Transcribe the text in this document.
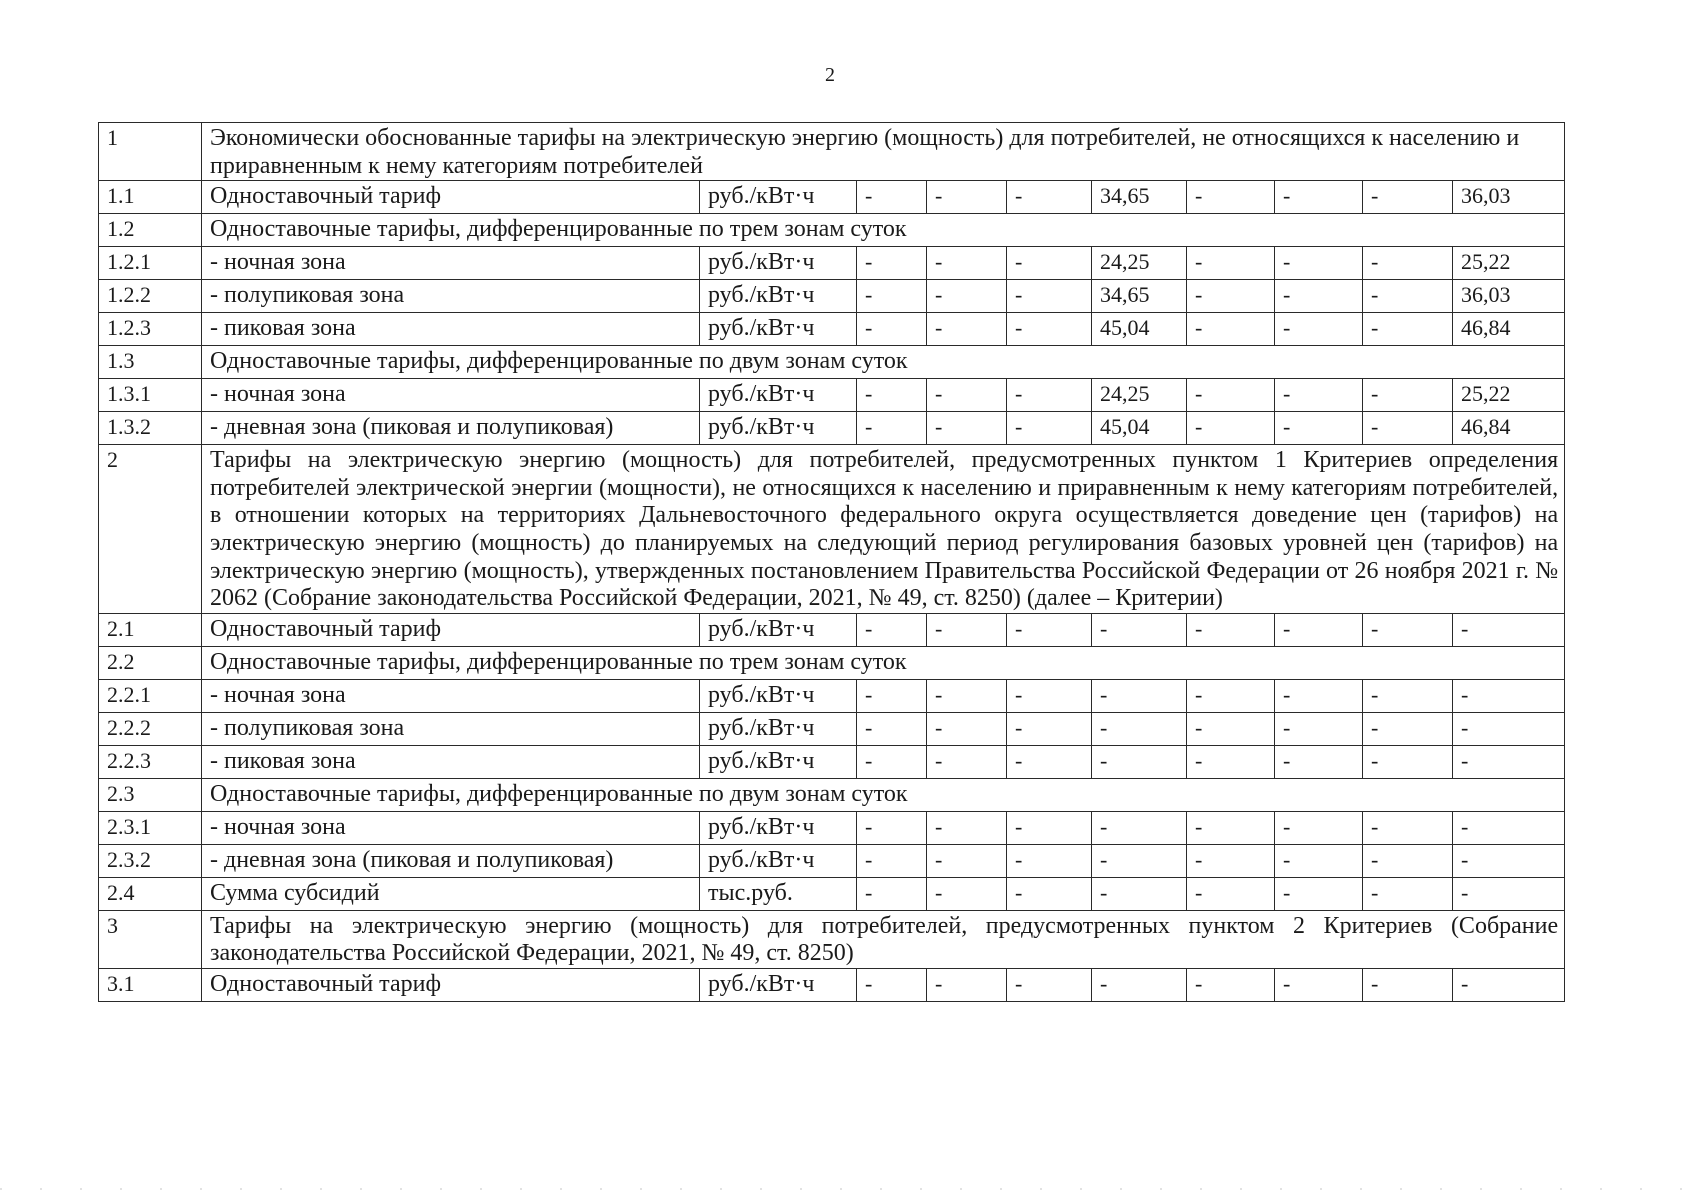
2
1	Экономически обоснованные тарифы на электрическую энергию (мощность) для потребителей, не относящихся к населению и приравненным к нему категориям потребителей									
1.1	Одноставочный тариф	руб./кВт·ч	-	-	-	34,65	-	-	-	36,03
1.2	Одноставочные тарифы, дифференцированные по трем зонам суток									
1.2.1	- ночная зона	руб./кВт·ч	-	-	-	24,25	-	-	-	25,22
1.2.2	- полупиковая зона	руб./кВт·ч	-	-	-	34,65	-	-	-	36,03
1.2.3	- пиковая зона	руб./кВт·ч	-	-	-	45,04	-	-	-	46,84
1.3	Одноставочные тарифы, дифференцированные по двум зонам суток									
1.3.1	- ночная зона	руб./кВт·ч	-	-	-	24,25	-	-	-	25,22
1.3.2	- дневная зона (пиковая и полупиковая)	руб./кВт·ч	-	-	-	45,04	-	-	-	46,84
2	Тарифы на электрическую энергию (мощность) для потребителей, предусмотренных пунктом 1 Критериев определения потребителей электрической энергии (мощности), не относящихся к населению и приравненным к нему категориям потребителей, в отношении которых на территориях Дальневосточного федерального округа осуществляется доведение цен (тарифов) на электрическую энергию (мощность) до планируемых на следующий период регулирования базовых уровней цен (тарифов) на электрическую энергию (мощность), утвержденных постановлением Правительства Российской Федерации от 26 ноября 2021 г. № 2062 (Собрание законодательства Российской Федерации, 2021, № 49, ст. 8250) (далее – Критерии)									
2.1	Одноставочный тариф	руб./кВт·ч	-	-	-	-	-	-	-	-
2.2	Одноставочные тарифы, дифференцированные по трем зонам суток									
2.2.1	- ночная зона	руб./кВт·ч	-	-	-	-	-	-	-	-
2.2.2	- полупиковая зона	руб./кВт·ч	-	-	-	-	-	-	-	-
2.2.3	- пиковая зона	руб./кВт·ч	-	-	-	-	-	-	-	-
2.3	Одноставочные тарифы, дифференцированные по двум зонам суток									
2.3.1	- ночная зона	руб./кВт·ч	-	-	-	-	-	-	-	-
2.3.2	- дневная зона (пиковая и полупиковая)	руб./кВт·ч	-	-	-	-	-	-	-	-
2.4	Сумма субсидий	тыс.руб.	-	-	-	-	-	-	-	-
3	Тарифы на электрическую энергию (мощность) для потребителей, предусмотренных пунктом 2 Критериев (Собрание законодательства Российской Федерации, 2021, № 49, ст. 8250)									
3.1	Одноставочный тариф	руб./кВт·ч	-	-	-	-	-	-	-	-
